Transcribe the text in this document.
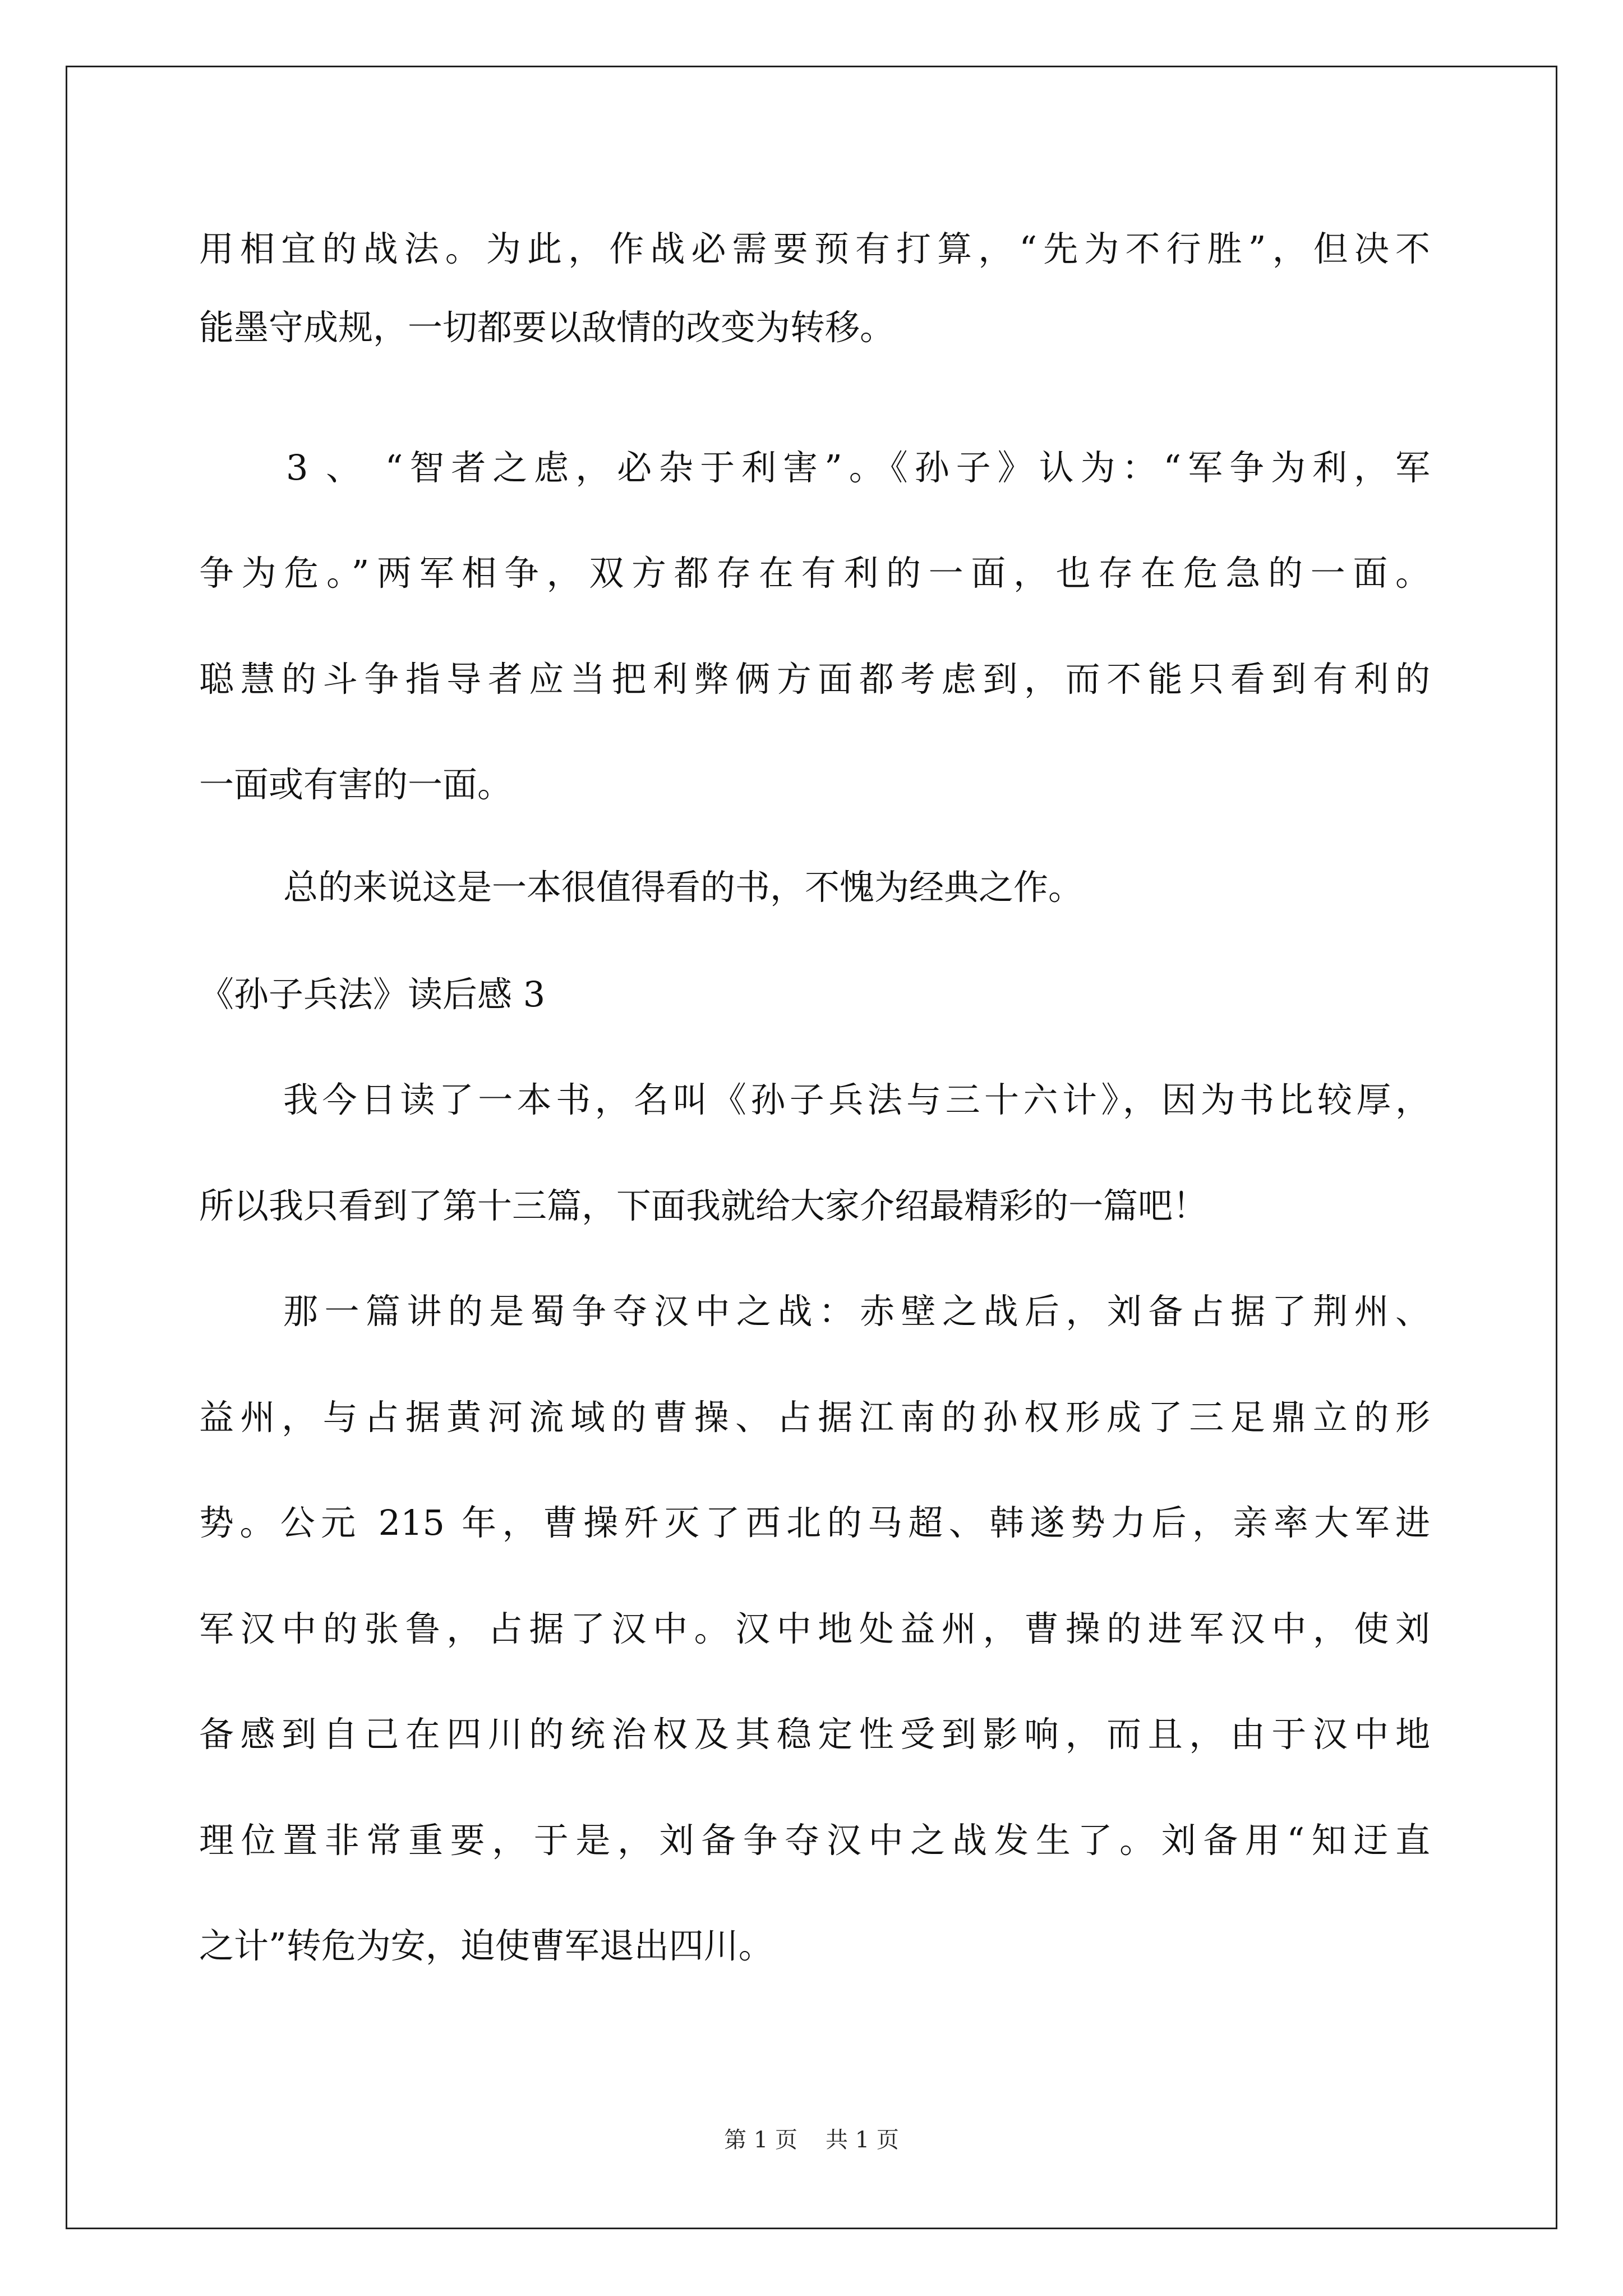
用相宜的战法。为此，作战必需要预有打算，“先为不行胜”，但决不
能墨守成规，一切都要以敌情的改变为转移。
3 、 “智者之虑，必杂于利害”。《孙子》认为：“军争为利，军
争为危。”两军相争，双方都存在有利的一面，也存在危急的一面。
聪慧的斗争指导者应当把利弊俩方面都考虑到，而不能只看到有利的
一面或有害的一面。
总的来说这是一本很值得看的书，不愧为经典之作。
《孙子兵法》读后感 3
我今日读了一本书，名叫《孙子兵法与三十六计》，因为书比较厚，
所以我只看到了第十三篇，下面我就给大家介绍最精彩的一篇吧！
那一篇讲的是蜀争夺汉中之战：赤壁之战后，刘备占据了荆州、
益州，与占据黄河流域的曹操、占据江南的孙权形成了三足鼎立的形
势。公元 215 年，曹操歼灭了西北的马超、韩遂势力后，亲率大军进
军汉中的张鲁，占据了汉中。汉中地处益州，曹操的进军汉中，使刘
备感到自己在四川的统治权及其稳定性受到影响，而且，由于汉中地
理位置非常重要，于是，刘备争夺汉中之战发生了。刘备用“知迂直
之计”转危为安，迫使曹军退出四川。
第 1 页 共 1 页
